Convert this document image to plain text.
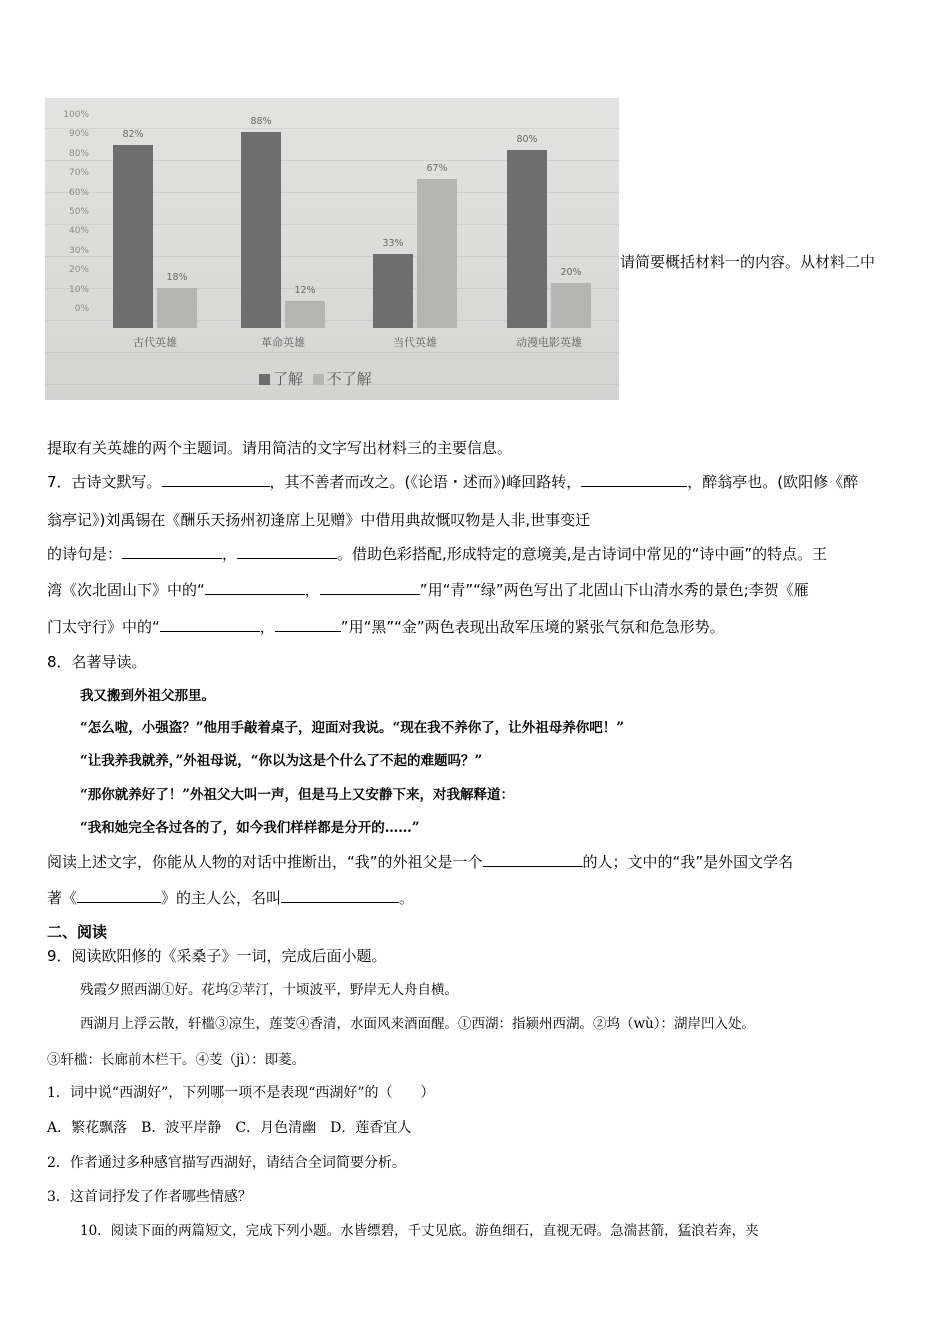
0%
10%
20%
30%
40%
50%
60%
70%
80%
90%
100%
82%
18%
古代英雄
88%
12%
革命英雄
33%
67%
当代英雄
80%
20%
动漫电影英雄
了解 不了解
请简要概括材料一的内容。从材料二中
提取有关英雄的两个主题词。请用简洁的文字写出材料三的主要信息。
7．古诗文默写。	，其不善者而改之。(《论语・述而》)峰回路转，	，醉翁亭也。(欧阳修《醉
翁亭记》)刘禹锡在《酬乐天扬州初逢席上见赠》中借用典故慨叹物是人非,世事变迁
的诗句是：	，	。借助色彩搭配,形成特定的意境美,是古诗词中常见的“诗中画”的特点。王
湾《次北固山下》中的“	，	”用“青”“绿”两色写出了北固山下山清水秀的景色;李贺《雁
门太守行》中的“	，	”用“黑”“金”两色表现出敌军压境的紧张气氛和危急形势。
8．名著导读。
我又搬到外祖父那里。
“怎么啦，小强盗？”他用手敲着桌子，迎面对我说。“现在我不养你了，让外祖母养你吧！”
“让我养我就养，”外祖母说，“你以为这是个什么了不起的难题吗？”
“那你就养好了！”外祖父大叫一声，但是马上又安静下来，对我解释道：
“我和她完全各过各的了，如今我们样样都是分开的……”
阅读上述文字，你能从人物的对话中推断出，“我”的外祖父是一个	的人；文中的“我”是外国文学名
著《	》的主人公，名叫	。
二、阅读
9．阅读欧阳修的《采桑子》一词，完成后面小题。
残霞夕照西湖①好。花坞②苹汀，十顷波平，野岸无人舟自横。
西湖月上浮云散，轩槛③凉生，莲芰④香清，水面风来酒面醒。①西湖：指颍州西湖。②坞（wù）：湖岸凹入处。
③轩槛：长廊前木栏干。④芰（jì）：即菱。
1．词中说“西湖好”，下列哪一项不是表现“西湖好”的（　　）
A．繁花飘落　B．波平岸静　C．月色清幽　D．莲香宜人
2．作者通过多种感官描写西湖好，请结合全词简要分析。
3．这首词抒发了作者哪些情感？
10．阅读下面的两篇短文，完成下列小题。水皆缥碧，千丈见底。游鱼细石，直视无碍。急湍甚箭，猛浪若奔，夹
